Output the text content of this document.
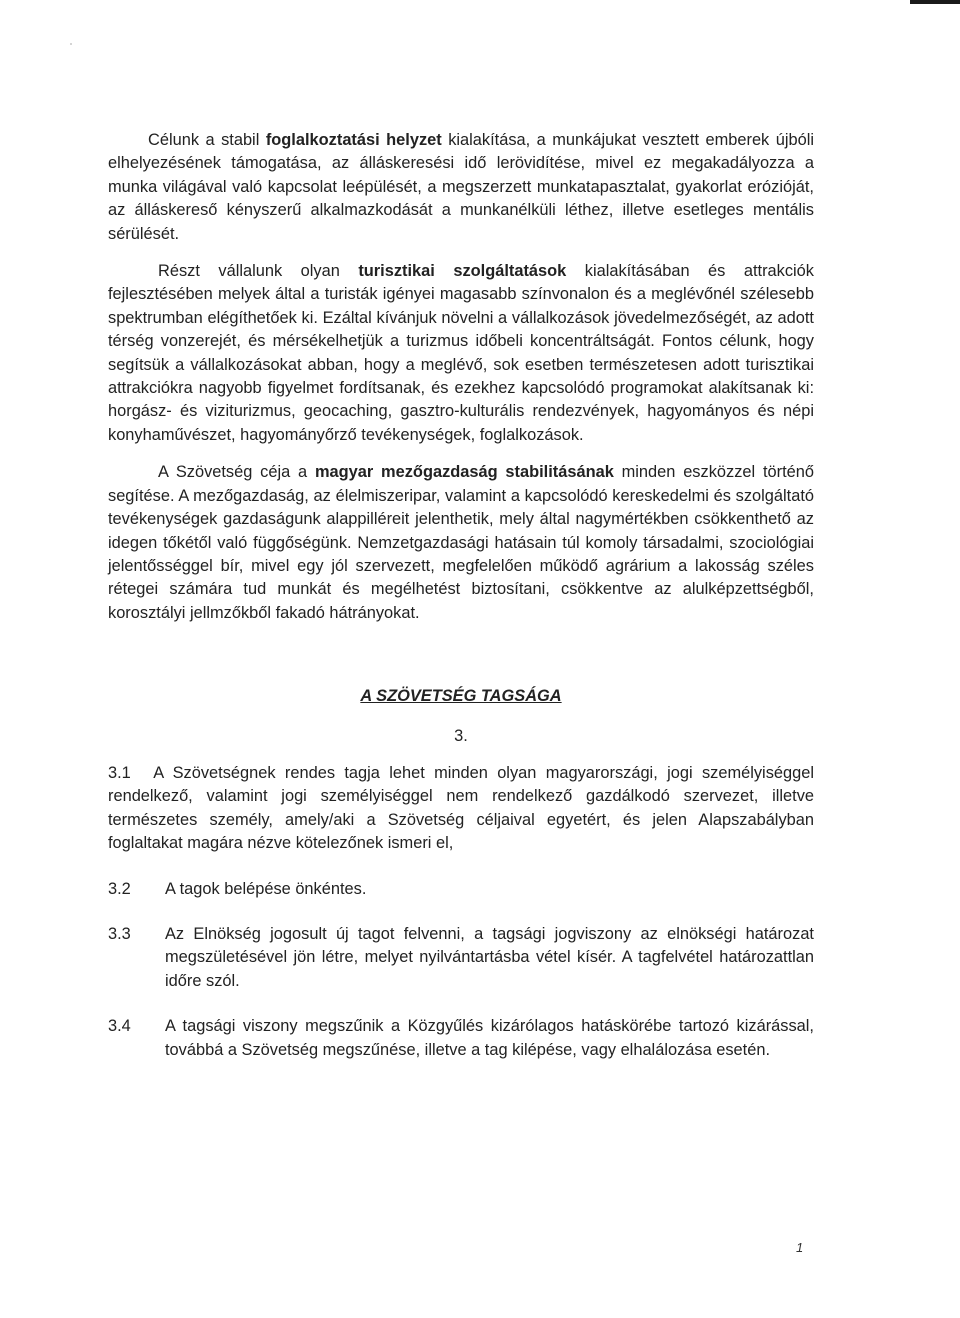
Célunk a stabil foglalkoztatási helyzet kialakítása, a munkájukat vesztett emberek újbóli elhelyezésének támogatása, az álláskeresési idő lerövidítése, mivel ez megakadályozza a munka világával való kapcsolat leépülését, a megszerzett munkatapasztalat, gyakorlat erózióját, az álláskereső kényszerű alkalmazkodását a munkanélküli léthez, illetve esetleges mentális sérülését.

Részt vállalunk olyan turisztikai szolgáltatások kialakításában és attrakciók fejlesztésében melyek által a turisták igényei magasabb színvonalon és a meglévőnél szélesebb spektrumban elégíthetőek ki. Ezáltal kívánjuk növelni a vállalkozások jövedelmezőségét, az adott térség vonzerejét, és mérsékelhetjük a turizmus időbeli koncentráltságát. Fontos célunk, hogy segítsük a vállalkozásokat abban, hogy a meglévő, sok esetben természetesen adott turisztikai attrakciókra nagyobb figyelmet fordítsanak, és ezekhez kapcsolódó programokat alakítsanak ki: horgász- és viziturizmus, geocaching, gasztro-kulturális rendezvények, hagyományos és népi konyhaművészet, hagyományőrző tevékenységek, foglalkozások.

A Szövetség céja a magyar mezőgazdaság stabilitásának minden eszközzel történő segítése. A mezőgazdaság, az élelmiszeripar, valamint a kapcsolódó kereskedelmi és szolgáltató tevékenységek gazdaságunk alappilléreit jelenthetik, mely által nagymértékben csökkenthető az idegen tőkétől való függőségünk. Nemzetgazdasági hatásain túl komoly társadalmi, szociológiai jelentősséggel bír, mivel egy jól szervezett, megfelelően működő agrárium a lakosság széles rétegei számára tud munkát és megélhetést biztosítani, csökkentve az alulképzettségből, korosztályi jellmzőkből fakadó hátrányokat.

A SZÖVETSÉG TAGSÁGA

3.

3.1 A Szövetségnek rendes tagja lehet minden olyan magyarországi, jogi személyiséggel rendelkező, valamint jogi személyiséggel nem rendelkező gazdálkodó szervezet, illetve természetes személy, amely/aki a Szövetség céljaival egyetért, és jelen Alapszabályban foglaltakat magára nézve kötelezőnek ismeri el,
3.2	A tagok belépése önkéntes.

3.3	Az Elnökség jogosult új tagot felvenni, a tagsági jogviszony az elnökségi határozat megszületésével jön létre, melyet nyilvántartásba vétel kísér. A tagfelvétel határozattlan időre szól.

3.4	A tagsági viszony megszűnik a Közgyűlés kizárólagos hatáskörébe tartozó kizárással, továbbá a Szövetség megszűnése, illetve a tag kilépése, vagy elhalálozása esetén.

1
